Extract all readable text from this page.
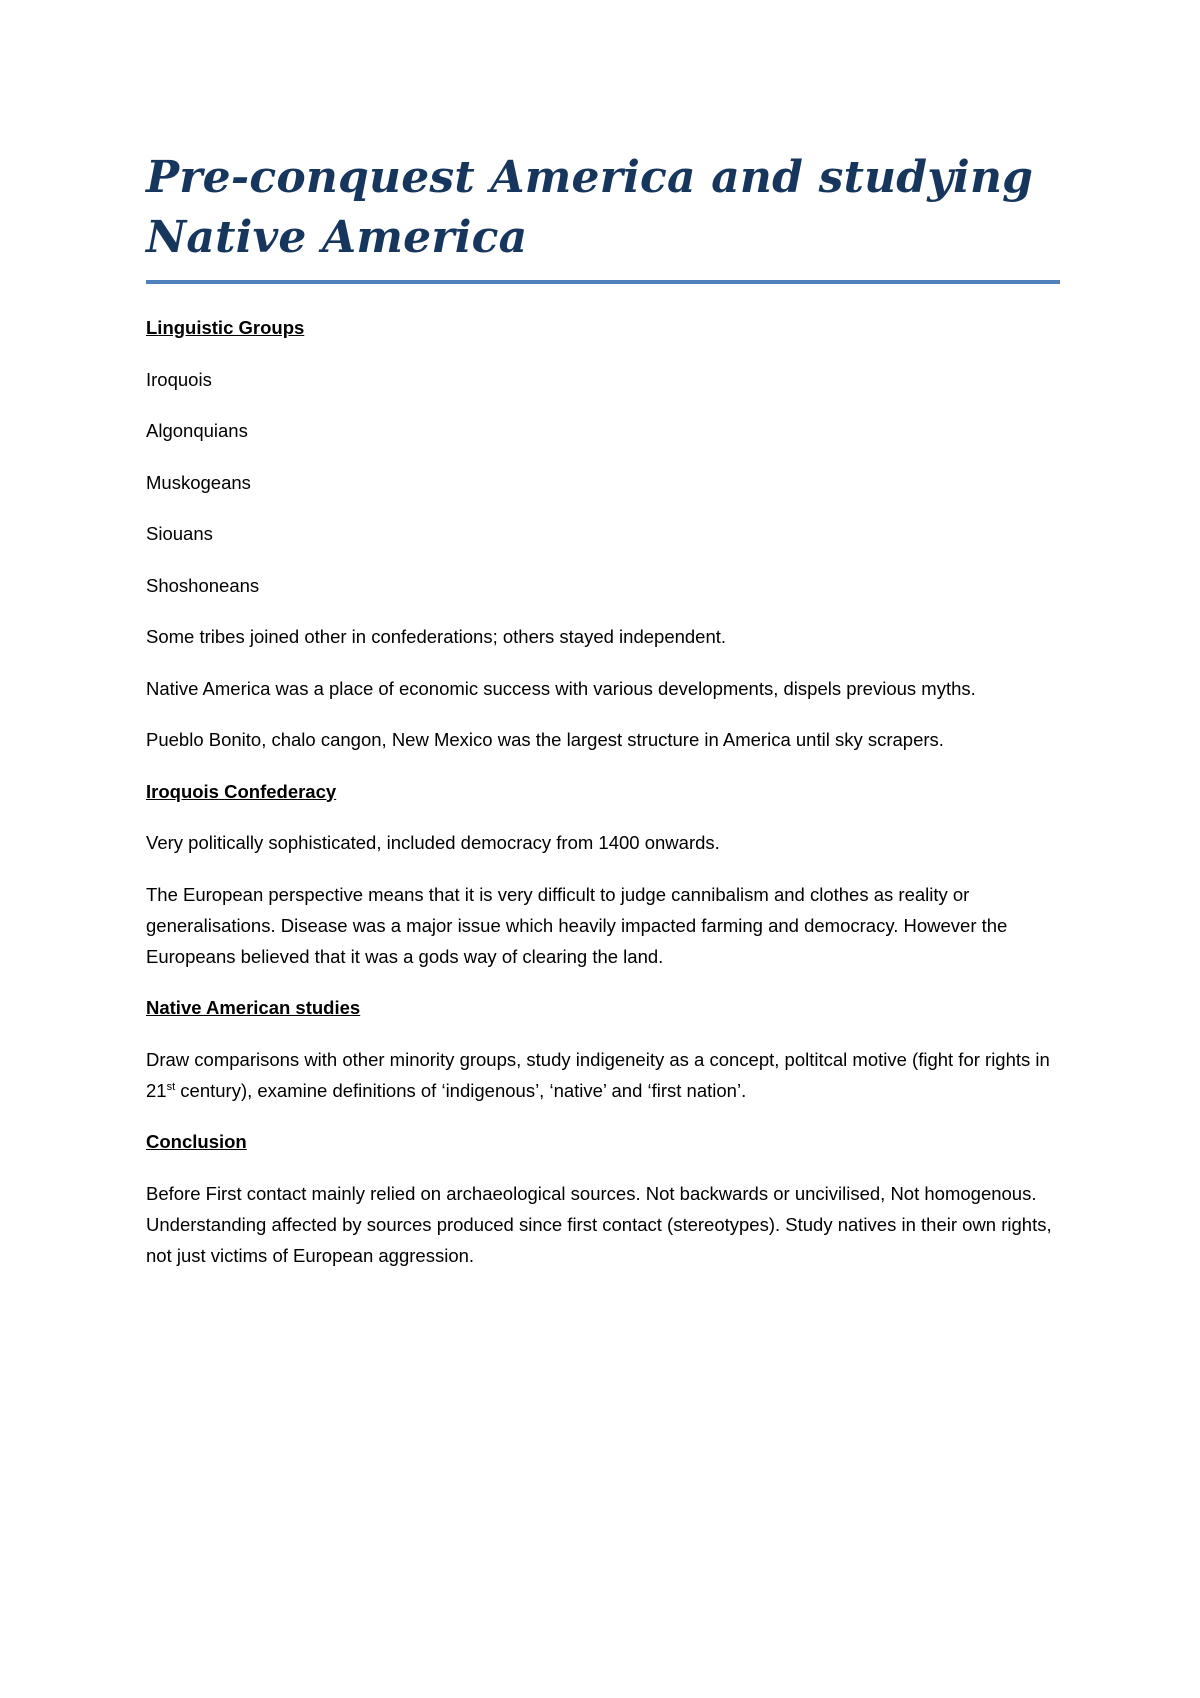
Pre-conquest America and studying
Native America

Linguistic Groups

Iroquois

Algonquians

Muskogeans

Siouans

Shoshoneans

Some tribes joined other in confederations; others stayed independent.

Native America was a place of economic success with various developments, dispels previous myths.

Pueblo Bonito, chalo cangon, New Mexico was the largest structure in America until sky scrapers.

Iroquois Confederacy

Very politically sophisticated, included democracy from 1400 onwards.

The European perspective means that it is very difficult to judge cannibalism and clothes as reality or generalisations. Disease was a major issue which heavily impacted farming and democracy. However the Europeans believed that it was a gods way of clearing the land.

Native American studies

Draw comparisons with other minority groups, study indigeneity as a concept, poltitcal motive (fight for rights in 21st century), examine definitions of ‘indigenous’, ‘native’ and ‘first nation’.

Conclusion

Before First contact mainly relied on archaeological sources. Not backwards or uncivilised, Not homogenous. Understanding affected by sources produced since first contact (stereotypes). Study natives in their own rights, not just victims of European aggression.
